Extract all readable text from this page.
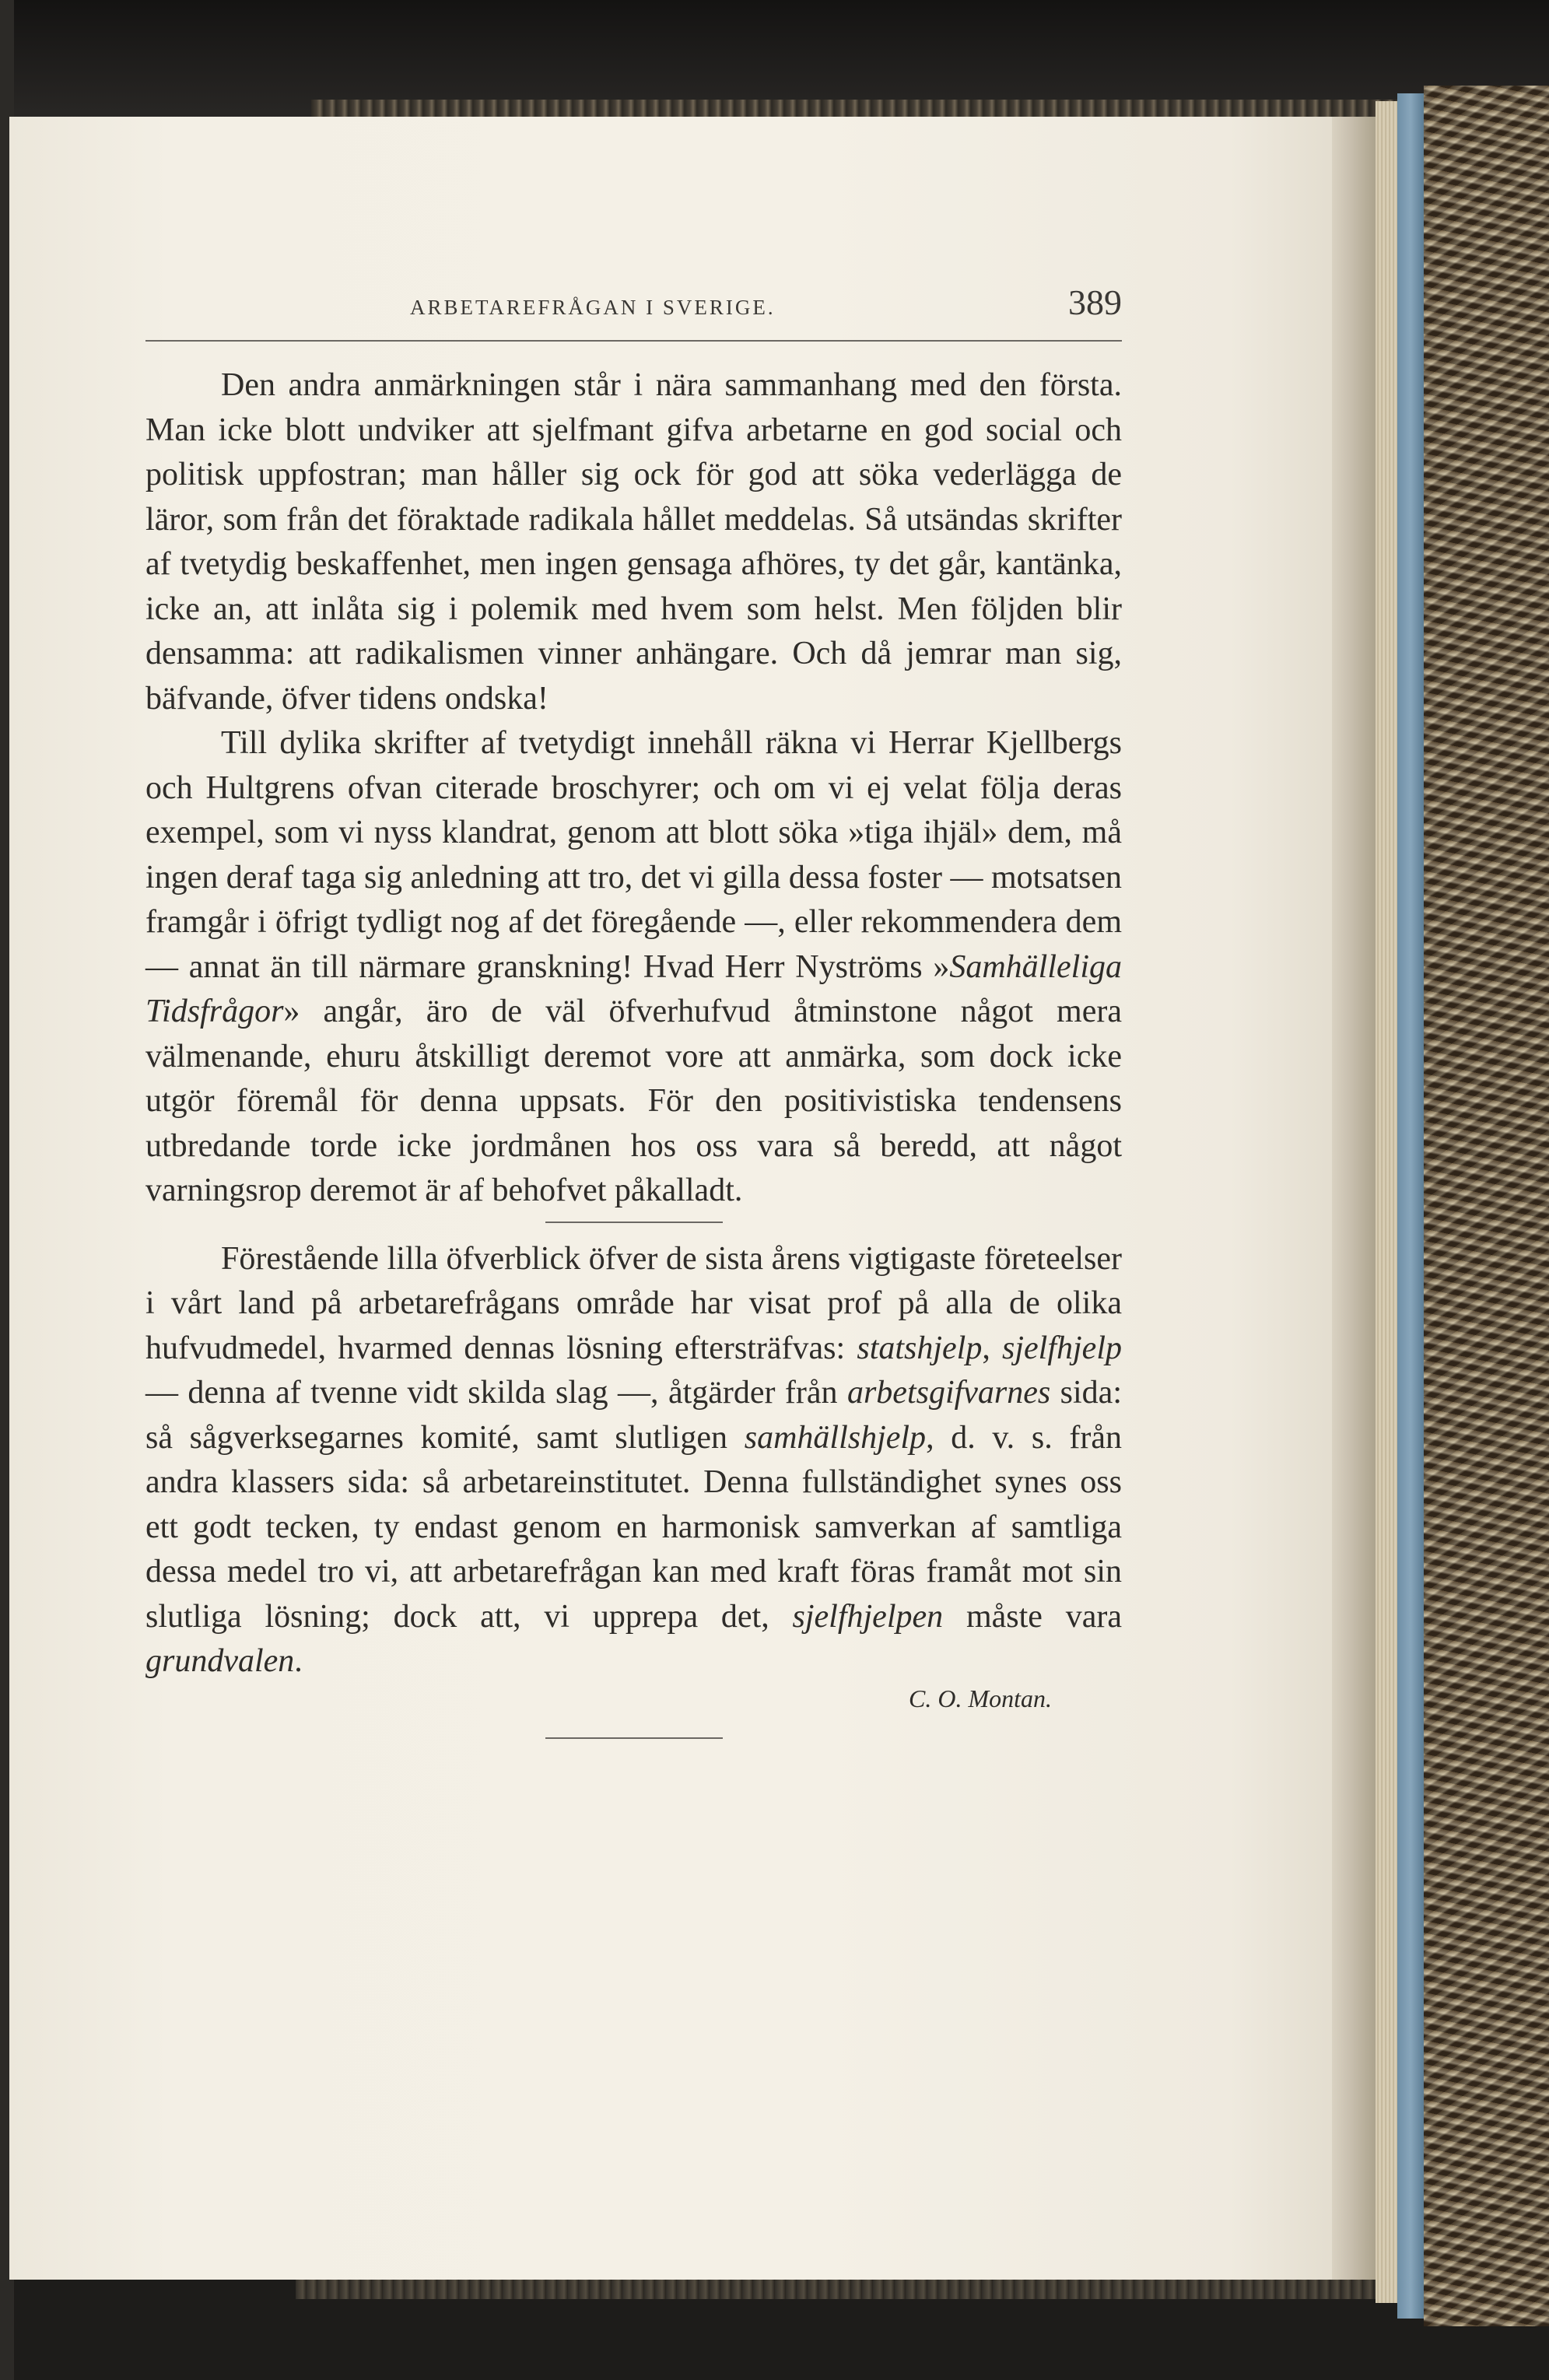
ARBETAREFRÅGAN I SVERIGE.	389

Den andra anmärkningen står i nära sammanhang med den första. Man icke blott undviker att sjelfmant gifva arbetarne en god social och politisk uppfostran; man håller sig ock för god att söka vederlägga de läror, som från det föraktade radikala hållet meddelas. Så utsändas skrifter af tvetydig beskaffenhet, men ingen gensaga afhöres, ty det går, kantänka, icke an, att inlåta sig i polemik med hvem som helst. Men följden blir densamma: att radikalismen vinner anhängare. Och då jemrar man sig, bäfvande, öfver tidens ondska!

Till dylika skrifter af tvetydigt innehåll räkna vi Herrar Kjellbergs och Hultgrens ofvan citerade broschyrer; och om vi ej velat följa deras exempel, som vi nyss klandrat, genom att blott söka »tiga ihjäl» dem, må ingen deraf taga sig anledning att tro, det vi gilla dessa foster — motsatsen framgår i öfrigt tydligt nog af det föregående —, eller rekommendera dem — annat än till närmare granskning! Hvad Herr Nyströms »Samhälleliga Tidsfrågor» angår, äro de väl öfverhufvud åtminstone något mera välmenande, ehuru åtskilligt deremot vore att anmärka, som dock icke utgör föremål för denna uppsats. För den positivistiska tendensens utbredande torde icke jordmånen hos oss vara så beredd, att något varningsrop deremot är af behofvet påkalladt.

Förestående lilla öfverblick öfver de sista årens vigtigaste företeelser i vårt land på arbetarefrågans område har visat prof på alla de olika hufvudmedel, hvarmed dennas lösning eftersträfvas: statshjelp, sjelfhjelp — denna af tvenne vidt skilda slag —, åtgärder från arbetsgifvarnes sida: så sågverksegarnes komité, samt slutligen samhällshjelp, d. v. s. från andra klassers sida: så arbetareinstitutet. Denna fullständighet synes oss ett godt tecken, ty endast genom en harmonisk samverkan af samtliga dessa medel tro vi, att arbetarefrågan kan med kraft föras framåt mot sin slutliga lösning; dock att, vi upprepa det, sjelfhjelpen måste vara grundvalen.

C. O. Montan.
